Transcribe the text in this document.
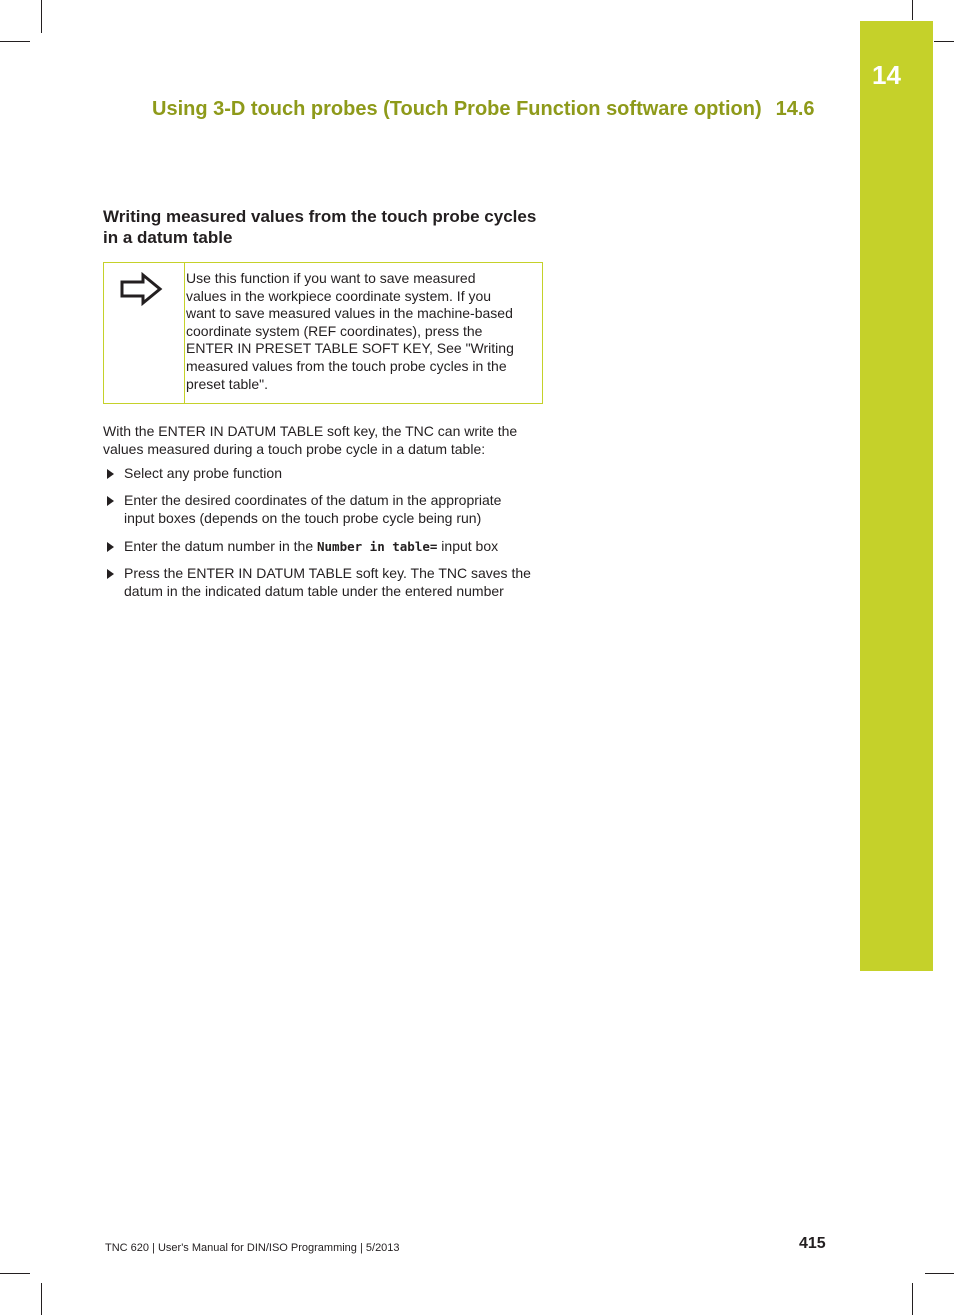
14
Using 3-D touch probes (Touch Probe Function software option) 14.6
Writing measured values from the touch probe cycles
in a datum table
Use this function if you want to save measured
values in the workpiece coordinate system. If you
want to save measured values in the machine-based
coordinate system (REF coordinates), press the
ENTER IN PRESET TABLE SOFT KEY, See "Writing
measured values from the touch probe cycles in the
preset table".
With the ENTER IN DATUM TABLE soft key, the TNC can write the
values measured during a touch probe cycle in a datum table:
Select any probe function
Enter the desired coordinates of the datum in the appropriate
input boxes (depends on the touch probe cycle being run)
Enter the datum number in the Number in table= input box
Press the ENTER IN DATUM TABLE soft key. The TNC saves the
datum in the indicated datum table under the entered number
TNC 620 | User's Manual for DIN/ISO Programming | 5/2013	415
